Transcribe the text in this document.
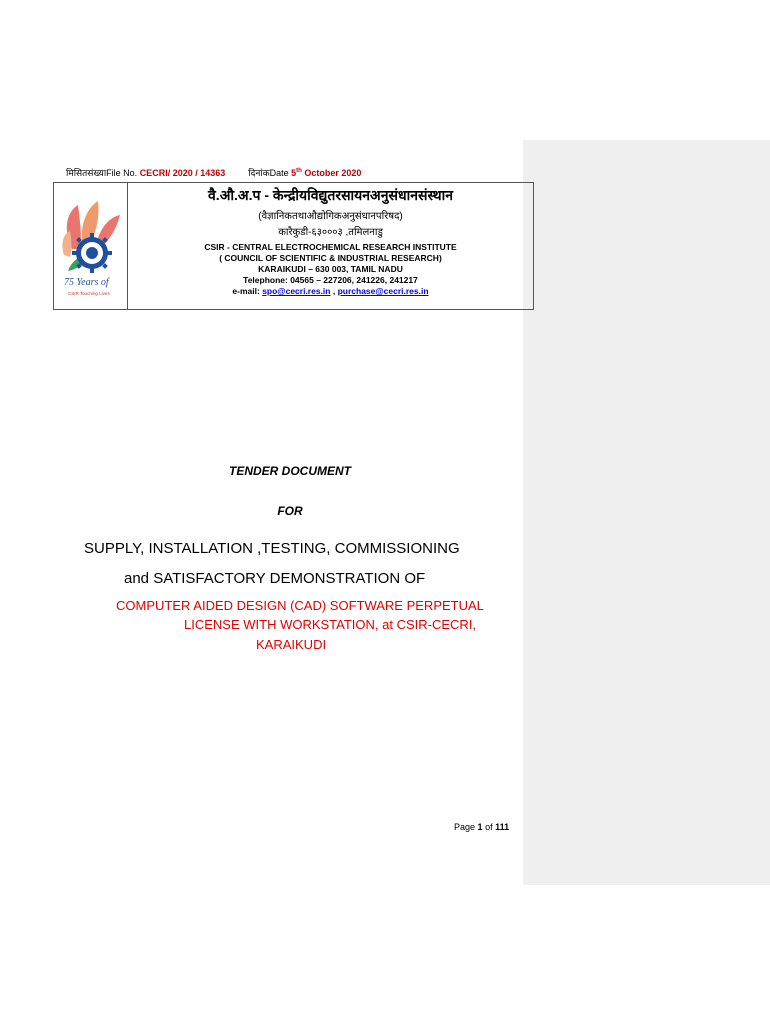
मिसितसंख्याFile No. CECRI/ 2020 / 14363	दिनांकDate 5th October 2020
75 Years of
CSIR Touching Lives
वै.औ.अ.प - केन्द्रीयविद्युतरसायनअनुसंधानसंस्थान
(वैज्ञानिकतथाऔद्योगिकअनुसंधानपरिषद)
कारैकुडी-६३०००३ ,तमिलनाडु
CSIR - CENTRAL ELECTROCHEMICAL RESEARCH INSTITUTE
( COUNCIL OF SCIENTIFIC & INDUSTRIAL RESEARCH)
KARAIKUDI – 630 003, TAMIL NADU
Telephone: 04565 – 227206, 241226, 241217
e-mail: spo@cecri.res.in , purchase@cecri.res.in
TENDER DOCUMENT
FOR
SUPPLY, INSTALLATION ,TESTING, COMMISSIONING
and SATISFACTORY DEMONSTRATION OF
COMPUTER AIDED DESIGN (CAD) SOFTWARE PERPETUAL
LICENSE WITH WORKSTATION, at CSIR-CECRI,
KARAIKUDI
Page 1 of 111
